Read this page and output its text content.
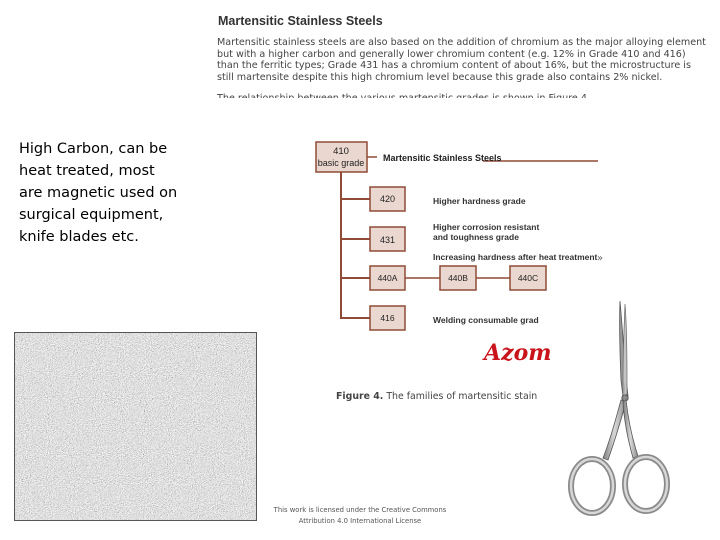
Martensitic Stainless Steels

Martensitic stainless steels are also based on the addition of chromium as the major alloying element
but with a higher carbon and generally lower chromium content (e.g. 12% in Grade 410 and 416)
than the ferritic types; Grade 431 has a chromium content of about 16%, but the microstructure is
still martensite despite this high chromium level because this grade also contains 2% nickel.

High Carbon, can be
heat treated, most
are magnetic used on
surgical equipment,
knife blades etc.
410
basic grade Martensitic Stainless Steels
420	Higher hardness grade
431
Higher corrosion resistant
and toughness grade
Increasing hardness after heat treatment »
440A	440B	440C
416	Welding consumable grad
Azom
Figure 4. The families of martensitic stain
This work is licensed under the Creative Commons
Attribution 4.0 International License
